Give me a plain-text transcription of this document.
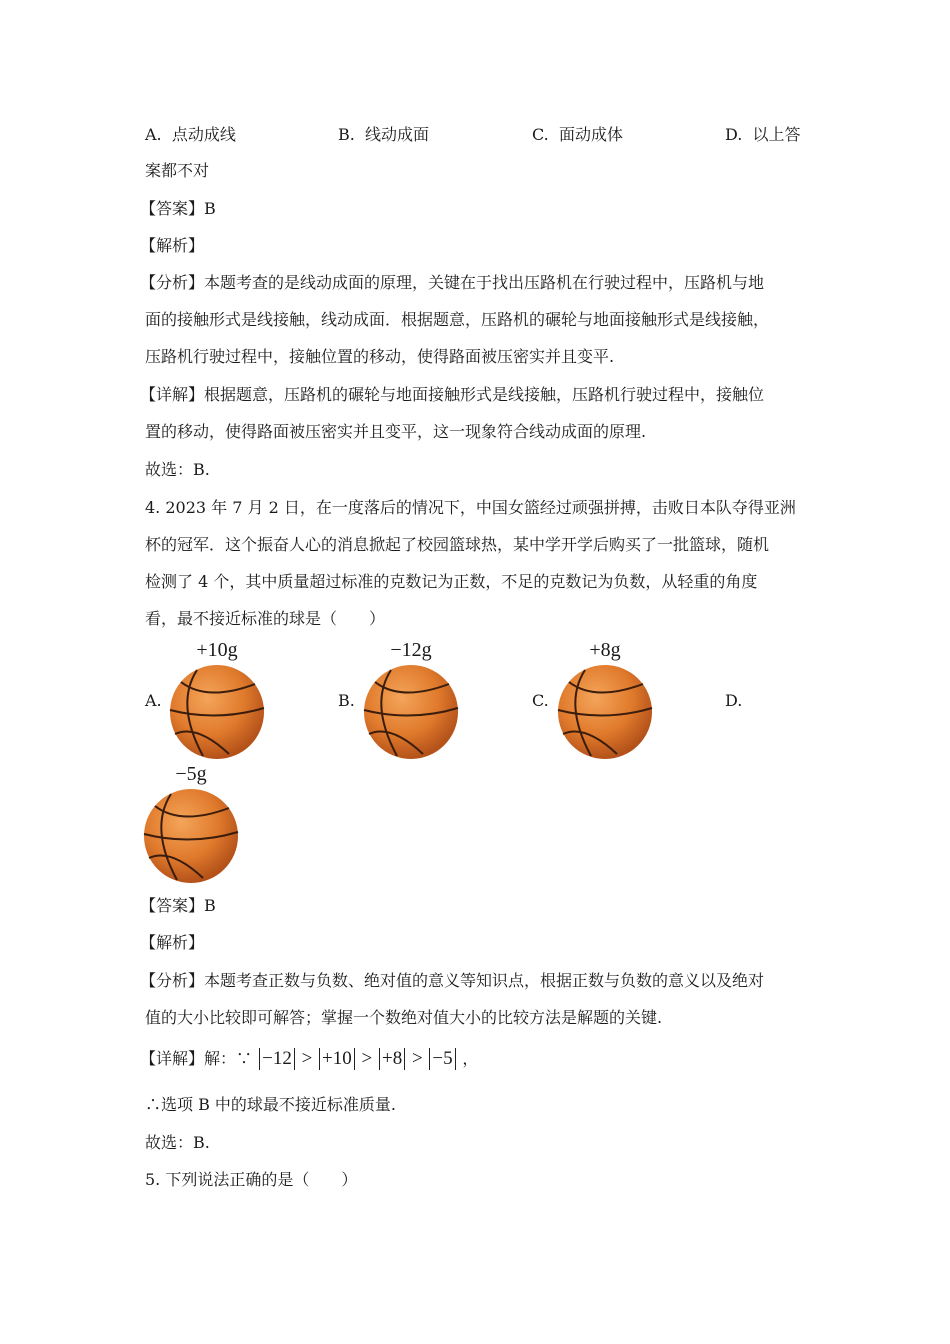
A. 点动成线	B. 线动成面	C. 面动成体	D. 以上答
案都不对
【答案】B
【解析】
【分析】本题考查的是线动成面的原理，关键在于找出压路机在行驶过程中，压路机与地
面的接触形式是线接触，线动成面．根据题意，压路机的碾轮与地面接触形式是线接触，
压路机行驶过程中，接触位置的移动，使得路面被压密实并且变平.
【详解】根据题意，压路机的碾轮与地面接触形式是线接触，压路机行驶过程中，接触位
置的移动，使得路面被压密实并且变平，这一现象符合线动成面的原理.
故选：B.
4. 2023 年 7 月 2 日，在一度落后的情况下，中国女篮经过顽强拼搏，击败日本队夺得亚洲
杯的冠军．这个振奋人心的消息掀起了校园篮球热，某中学开学后购买了一批篮球，随机
检测了 4 个，其中质量超过标准的克数记为正数，不足的克数记为负数，从轻重的角度
看，最不接近标准的球是（　　）
A.
+10g
B.
−12g
C.
+8g
D.
−5g
【答案】B
【解析】
【分析】本题考查正数与负数、绝对值的意义等知识点，根据正数与负数的意义以及绝对
值的大小比较即可解答；掌握一个数绝对值大小的比较方法是解题的关键.
【详解】解：∵ −12 > +10 > +8 > −5 ，
∴选项 B 中的球最不接近标准质量.
故选：B.
5. 下列说法正确的是（　　）
